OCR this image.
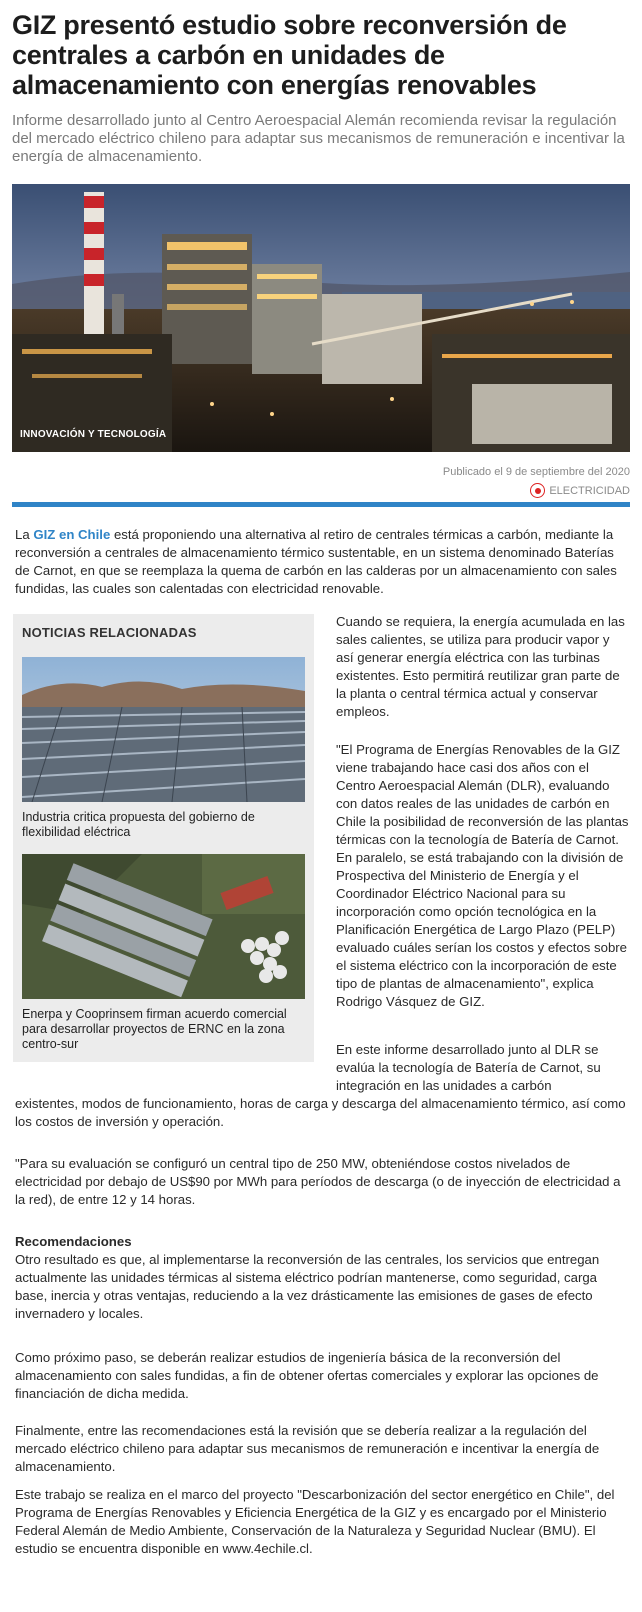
GIZ presentó estudio sobre reconversión de centrales a carbón en unidades de almacenamiento con energías renovables

Informe desarrollado junto al Centro Aeroespacial Alemán recomienda revisar la regulación del mercado eléctrico chileno para adaptar sus mecanismos de remuneración e incentivar la energía de almacenamiento.

INNOVACIÓN Y TECNOLOGÍA
Publicado el 9 de septiembre del 2020
ELECTRICIDAD

La GIZ en Chile está proponiendo una alternativa al retiro de centrales térmicas a carbón, mediante la reconversión a centrales de almacenamiento térmico sustentable, en un sistema denominado Baterías de Carnot, en que se reemplaza la quema de carbón en las calderas por un almacenamiento con sales fundidas, las cuales son calentadas con electricidad renovable.

NOTICIAS RELACIONADAS

Industria critica propuesta del gobierno de flexibilidad eléctrica

Enerpa y Cooprinsem firman acuerdo comercial para desarrollar proyectos de ERNC en la zona centro-sur

Cuando se requiera, la energía acumulada en las sales calientes, se utiliza para producir vapor y así generar energía eléctrica con las turbinas existentes. Esto permitirá reutilizar gran parte de la planta o central térmica actual y conservar empleos.

"El Programa de Energías Renovables de la GIZ viene trabajando hace casi dos años con el Centro Aeroespacial Alemán (DLR), evaluando con datos reales de las unidades de carbón en Chile la posibilidad de reconversión de las plantas térmicas con la tecnología de Batería de Carnot. En paralelo, se está trabajando con la división de Prospectiva del Ministerio de Energía y el Coordinador Eléctrico Nacional para su incorporación como opción tecnológica en la Planificación Energética de Largo Plazo (PELP) evaluado cuáles serían los costos y efectos sobre el sistema eléctrico con la incorporación de este tipo de plantas de almacenamiento", explica Rodrigo Vásquez de GIZ.

En este informe desarrollado junto al DLR se evalúa la tecnología de Batería de Carnot, su integración en las unidades a carbón

existentes, modos de funcionamiento, horas de carga y descarga del almacenamiento térmico, así como los costos de inversión y operación.

"Para su evaluación se configuró un central tipo de 250 MW, obteniéndose costos nivelados de electricidad por debajo de US$90 por MWh para períodos de descarga (o de inyección de electricidad a la red), de entre 12 y 14 horas.

Recomendaciones
Otro resultado es que, al implementarse la reconversión de las centrales, los servicios que entregan actualmente las unidades térmicas al sistema eléctrico podrían mantenerse, como seguridad, carga base, inercia y otras ventajas, reduciendo a la vez drásticamente las emisiones de gases de efecto invernadero y locales.

Como próximo paso, se deberán realizar estudios de ingeniería básica de la reconversión del almacenamiento con sales fundidas, a fin de obtener ofertas comerciales y explorar las opciones de financiación de dicha medida.

Finalmente, entre las recomendaciones está la revisión que se debería realizar a la regulación del mercado eléctrico chileno para adaptar sus mecanismos de remuneración e incentivar la energía de almacenamiento.

Este trabajo se realiza en el marco del proyecto "Descarbonización del sector energético en Chile", del Programa de Energías Renovables y Eficiencia Energética de la GIZ y es encargado por el Ministerio Federal Alemán de Medio Ambiente, Conservación de la Naturaleza y Seguridad Nuclear (BMU). El estudio se encuentra disponible en www.4echile.cl.
